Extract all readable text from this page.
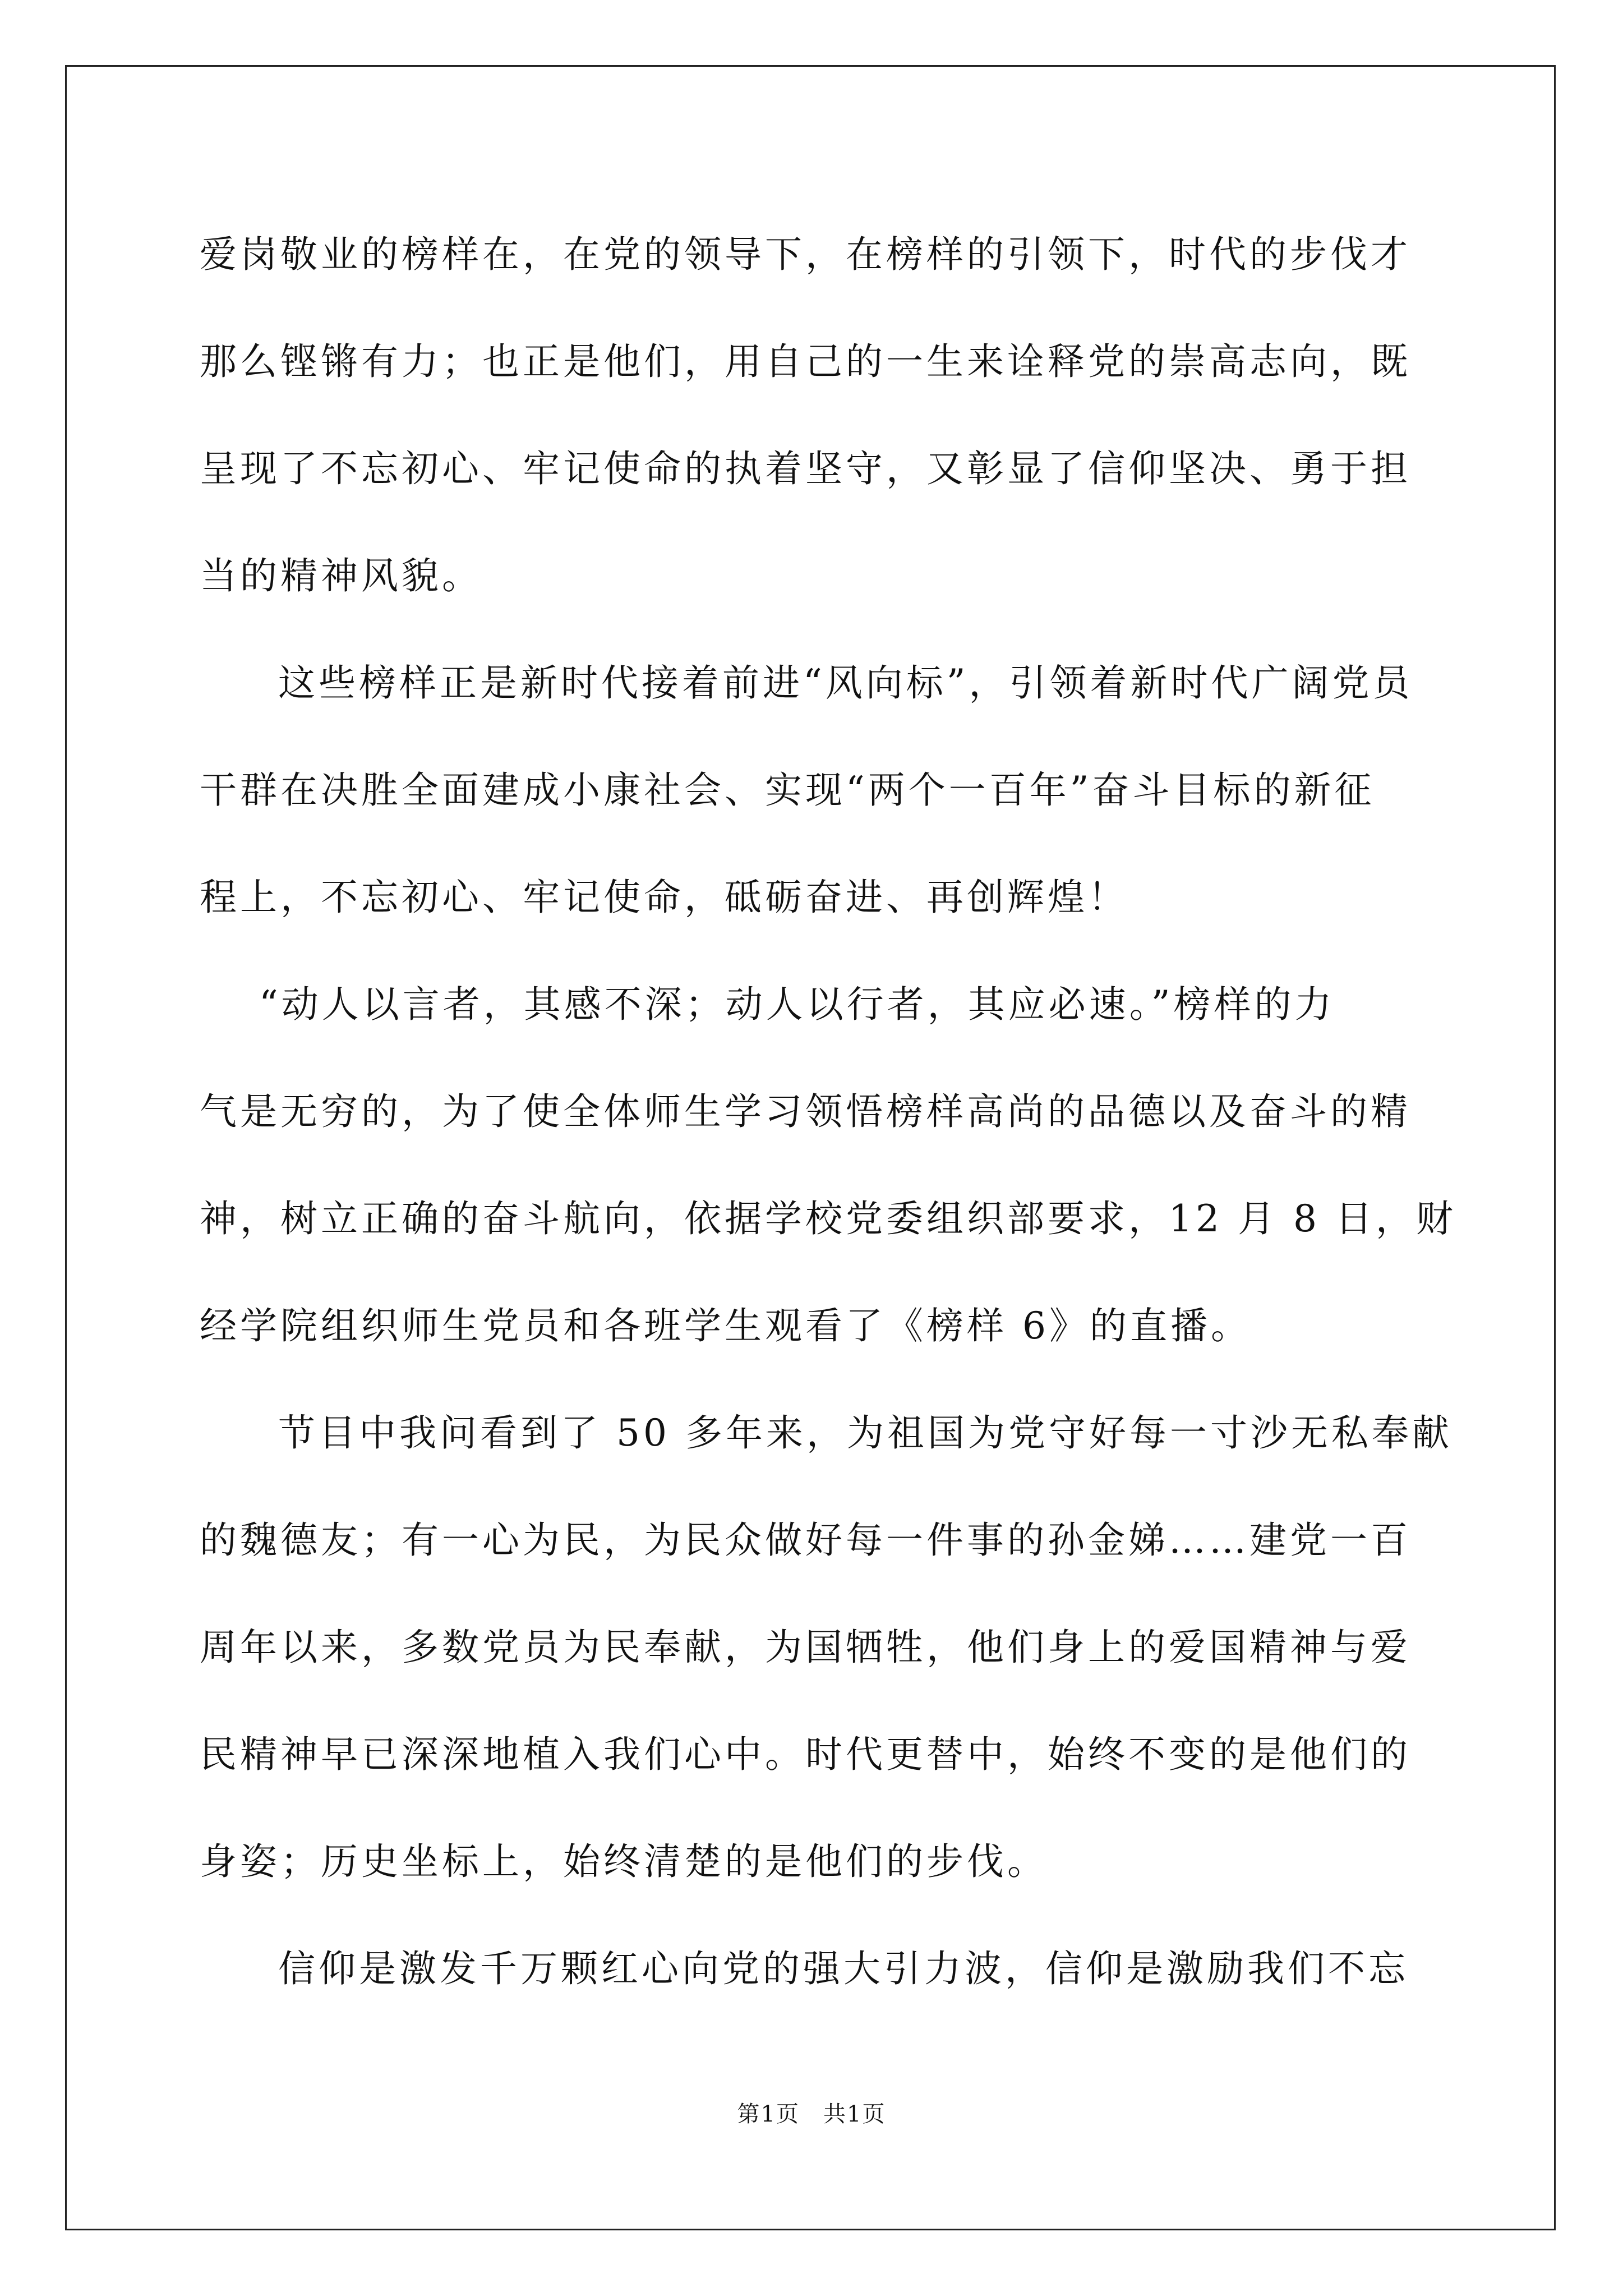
爱岗敬业的榜样在，在党的领导下，在榜样的引领下，时代的步伐才
那么铿锵有力；也正是他们，用自己的一生来诠释党的崇高志向，既
呈现了不忘初心、牢记使命的执着坚守，又彰显了信仰坚决、勇于担
当的精神风貌。

这些榜样正是新时代接着前进“风向标”，引领着新时代广阔党员
干群在决胜全面建成小康社会、实现“两个一百年”奋斗目标的新征
程上，不忘初心、牢记使命，砥砺奋进、再创辉煌！

“动人以言者，其感不深；动人以行者，其应必速。”榜样的力
气是无穷的，为了使全体师生学习领悟榜样高尚的品德以及奋斗的精
神，树立正确的奋斗航向，依据学校党委组织部要求，12 月 8 日，财
经学院组织师生党员和各班学生观看了《榜样 6》的直播。

节目中我问看到了 50 多年来，为祖国为党守好每一寸沙无私奉献
的魏德友；有一心为民，为民众做好每一件事的孙金娣……建党一百
周年以来，多数党员为民奉献，为国牺牲，他们身上的爱国精神与爱
民精神早已深深地植入我们心中。时代更替中，始终不变的是他们的
身姿；历史坐标上，始终清楚的是他们的步伐。

信仰是激发千万颗红心向党的强大引力波，信仰是激励我们不忘

第1页　共1页
